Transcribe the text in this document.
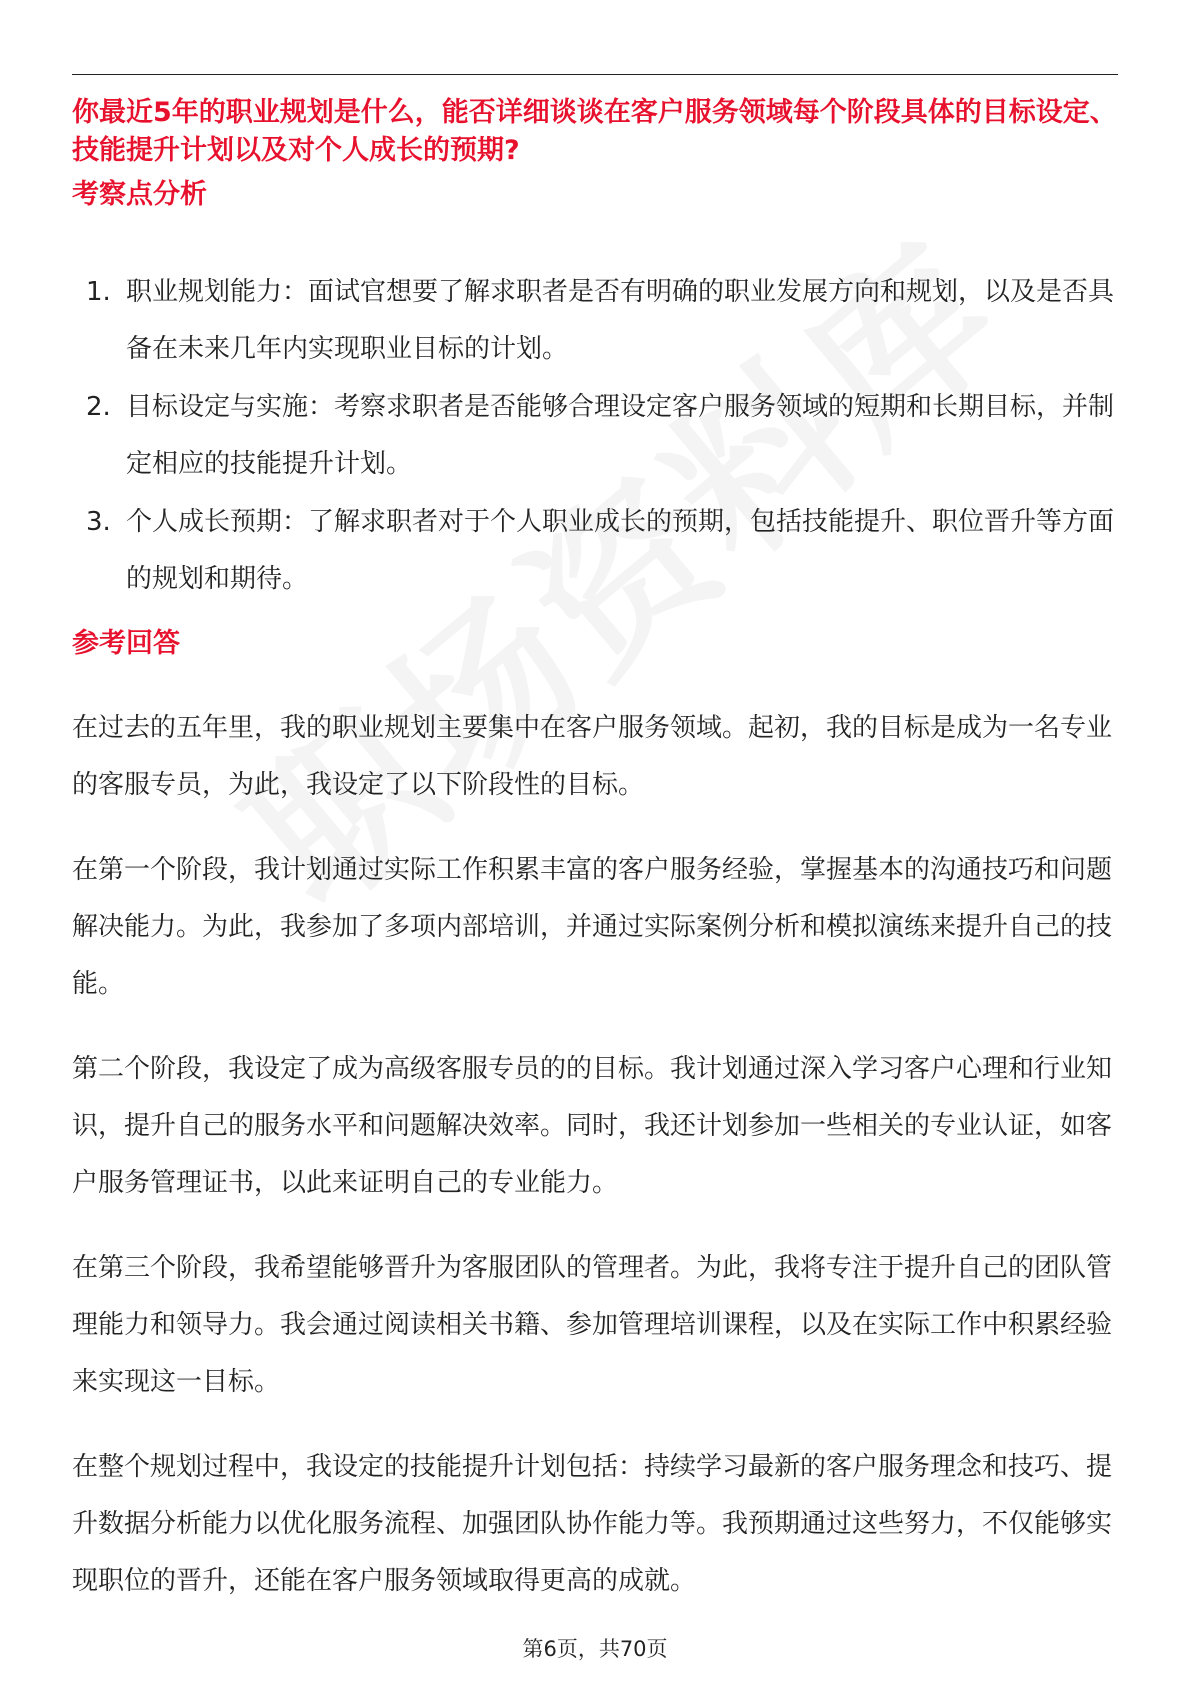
你最近5年的职业规划是什么，能否详细谈谈在客户服务领域每个阶段具体的目标设定、技能提升计划以及对个人成长的预期?
考察点分析
1. 职业规划能力：面试官想要了解求职者是否有明确的职业发展方向和规划，以及是否具备在未来几年内实现职业目标的计划。
2. 目标设定与实施：考察求职者是否能够合理设定客户服务领域的短期和长期目标，并制定相应的技能提升计划。
3. 个人成长预期：了解求职者对于个人职业成长的预期，包括技能提升、职位晋升等方面的规划和期待。
参考回答

在过去的五年里，我的职业规划主要集中在客户服务领域。起初，我的目标是成为一名专业的客服专员，为此，我设定了以下阶段性的目标。

在第一个阶段，我计划通过实际工作积累丰富的客户服务经验，掌握基本的沟通技巧和问题解决能力。为此，我参加了多项内部培训，并通过实际案例分析和模拟演练来提升自己的技能。

第二个阶段，我设定了成为高级客服专员的的目标。我计划通过深入学习客户心理和行业知识，提升自己的服务水平和问题解决效率。同时，我还计划参加一些相关的专业认证，如客户服务管理证书，以此来证明自己的专业能力。

在第三个阶段，我希望能够晋升为客服团队的管理者。为此，我将专注于提升自己的团队管理能力和领导力。我会通过阅读相关书籍、参加管理培训课程，以及在实际工作中积累经验来实现这一目标。

在整个规划过程中，我设定的技能提升计划包括：持续学习最新的客户服务理念和技巧、提升数据分析能力以优化服务流程、加强团队协作能力等。我预期通过这些努力，不仅能够实现职位的晋升，还能在客户服务领域取得更高的成就。

第6页，共70页
